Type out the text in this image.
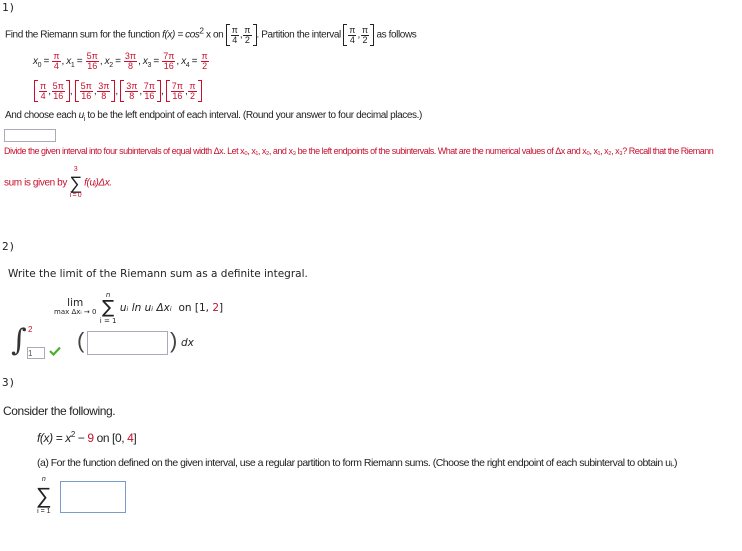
1)
Find the Riemann sum for the function $f(x) = \cos^2 x$ on $\frac{\pi}{4}$ , $\frac{\pi}{2}$ . Partition the interval $\frac{\pi}{4}$ , $\frac{\pi}{2}$ as follows
$x_0 = \frac{\pi}{4}$ , $x_1 = \frac{5\pi}{16}$ , $x_2 = \frac{3\pi}{8}$ , $x_3 = \frac{7\pi}{16}$ , $x_4 = \frac{\pi}{2}$
$\frac{\pi}{4}$ , $\frac{5\pi}{16}$ , $\frac{5\pi}{16}$ , $\frac{3\pi}{8}$ , $\frac{3\pi}{8}$ , $\frac{7\pi}{16}$ , $\frac{7\pi}{16}$ , $\frac{\pi}{2}$
And choose each $u_i$ to be the left endpoint of each interval. (Round your answer to four decimal places.)
Divide the given interval into four subintervals of equal width Δx. Let x₀, x₁, x₂, and x₃ be the left endpoints of the subintervals. What are the numerical values of Δx and x₀, x₁, x₂, x₃? Recall that the Riemann
sum is given by
3
∑
i = 0
f(uᵢ)Δx.
2)
Write the limit of the Riemann sum as a definite integral.
lim
max Δxᵢ → 0

n
∑
i = 1
uᵢ ln uᵢ Δxᵢ on [1, 2]
∫ 2
1 (	) dx
3)
Consider the following.
$f(x) = x^2 - 9$ on [0, 4]
(a) For the function defined on the given interval, use a regular partition to form Riemann sums. (Choose the right endpoint of each subinterval to obtain uᵢ.)
n
∑
i = 1
